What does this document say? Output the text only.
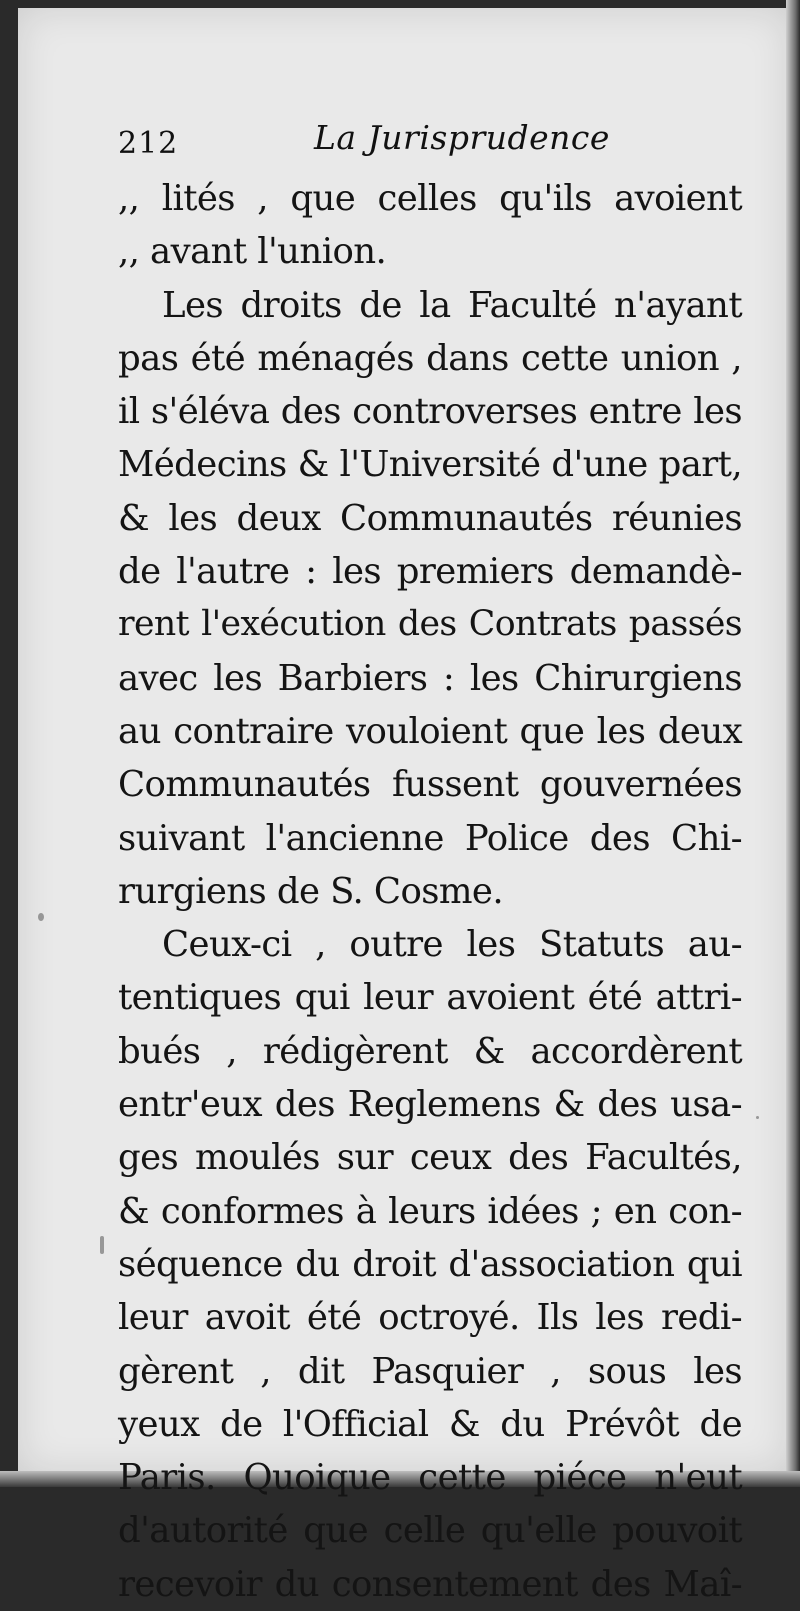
212	La Jurisprudence
,, lités , que celles qu'ils avoient
,, avant l'union.
Les droits de la Faculté n'ayant
pas été ménagés dans cette union ,
il s'éléva des controverses entre les
Médecins & l'Université d'une part,
& les deux Communautés réunies
de l'autre : les premiers demandè-
rent l'exécution des Contrats passés
avec les Barbiers : les Chirurgiens
au contraire vouloient que les deux
Communautés fussent gouvernées
suivant l'ancienne Police des Chi-
rurgiens de S. Cosme.
Ceux-ci , outre les Statuts au-
tentiques qui leur avoient été attri-
bués , rédigèrent & accordèrent
entr'eux des Reglemens & des usa-
ges moulés sur ceux des Facultés,
& conformes à leurs idées ; en con-
séquence du droit d'association qui
leur avoit été octroyé. Ils les redi-
gèrent , dit Pasquier , sous les
yeux de l'Official & du Prévôt de
Paris. Quoique cette piéce n'eut
d'autorité que celle qu'elle pouvoit
recevoir du consentement des Maî-
